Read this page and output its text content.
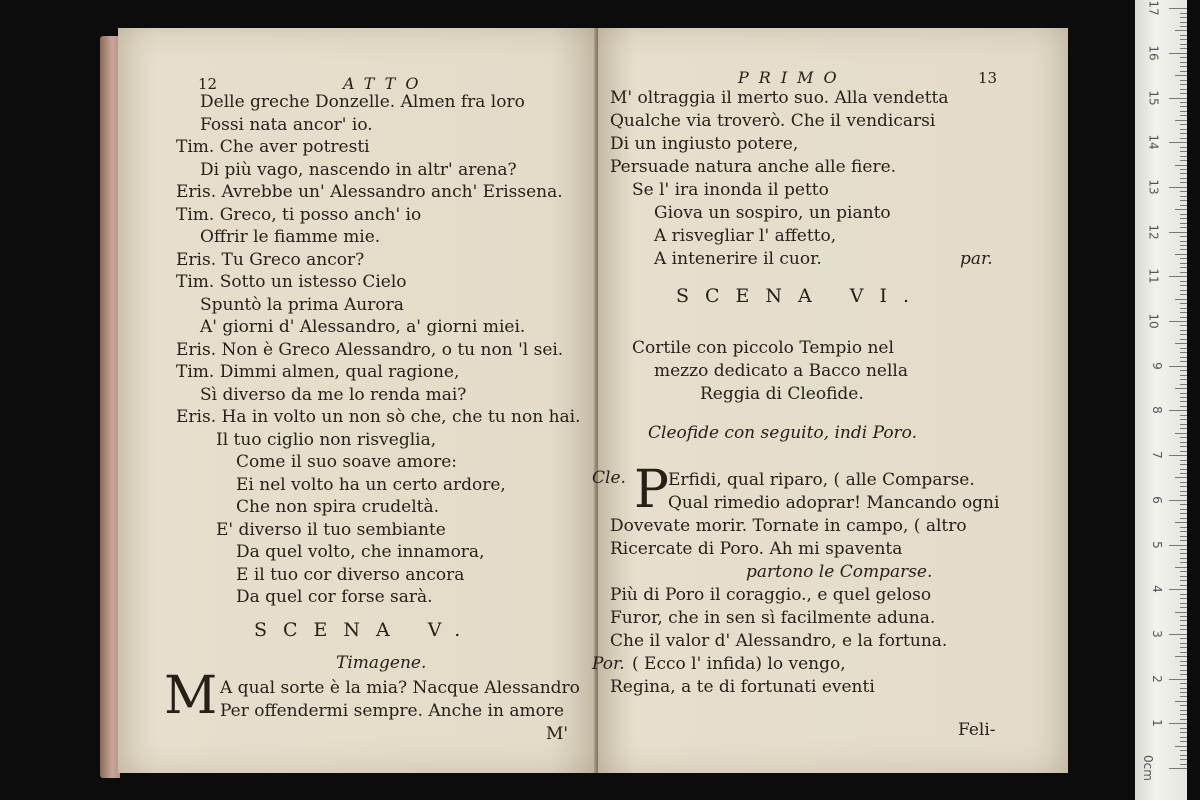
12	ATTO
Delle greche Donzelle. Almen fra loro
Fossi nata ancor' io.
Tim. Che aver potresti
Di più vago, nascendo in altr' arena?
Eris. Avrebbe un' Alessandro anch' Erissena.
Tim. Greco, ti posso anch' io
Offrir le fiamme mie.
Eris. Tu Greco ancor?
Tim. Sotto un istesso Cielo
Spuntò la prima Aurora
A' giorni d' Alessandro, a' giorni miei.
Eris. Non è Greco Alessandro, o tu non 'l sei.
Tim. Dimmi almen, qual ragione,
Sì diverso da me lo renda mai?
Eris. Ha in volto un non sò che, che tu non hai.
Il tuo ciglio non risveglia,
Come il suo soave amore:
Ei nel volto ha un certo ardore,
Che non spira crudeltà.
E' diverso il tuo sembiante
Da quel volto, che innamora,
E il tuo cor diverso ancora
Da quel cor forse sarà.
SCENA V.
Timagene.
M A qual sorte è la mia? Nacque Alessandro
Per offendermi sempre. Anche in amore
M'
PRIMO	13
M' oltraggia il merto suo. Alla vendetta
Qualche via troverò. Che il vendicarsi
Di un ingiusto potere,
Persuade natura anche alle fiere.
Se l' ira inonda il petto
Giova un sospiro, un pianto
A risvegliar l' affetto,
A intenerire il cuor.	par.
SCENA VI.
Cortile con piccolo Tempio nel
mezzo dedicato a Bacco nella
Reggia di Cleofide.
Cleofide con seguito, indi Poro.
Cle. P Erfidi, qual riparo, ( alle Comparse.
Qual rimedio adoprar! Mancando ogni
Dovevate morir. Tornate in campo, ( altro
Ricercate di Poro. Ah mi spaventa
partono le Comparse.
Più di Poro il coraggio., e quel geloso
Furor, che in sen sì facilmente aduna.
Che il valor d' Alessandro, e la fortuna.
Por. ( Ecco l' infida) lo vengo,
Regina, a te di fortunati eventi
Feli-
0cm
1
2
3
4
5
6
7
8
9
10
11
12
13
14
15
16
17
